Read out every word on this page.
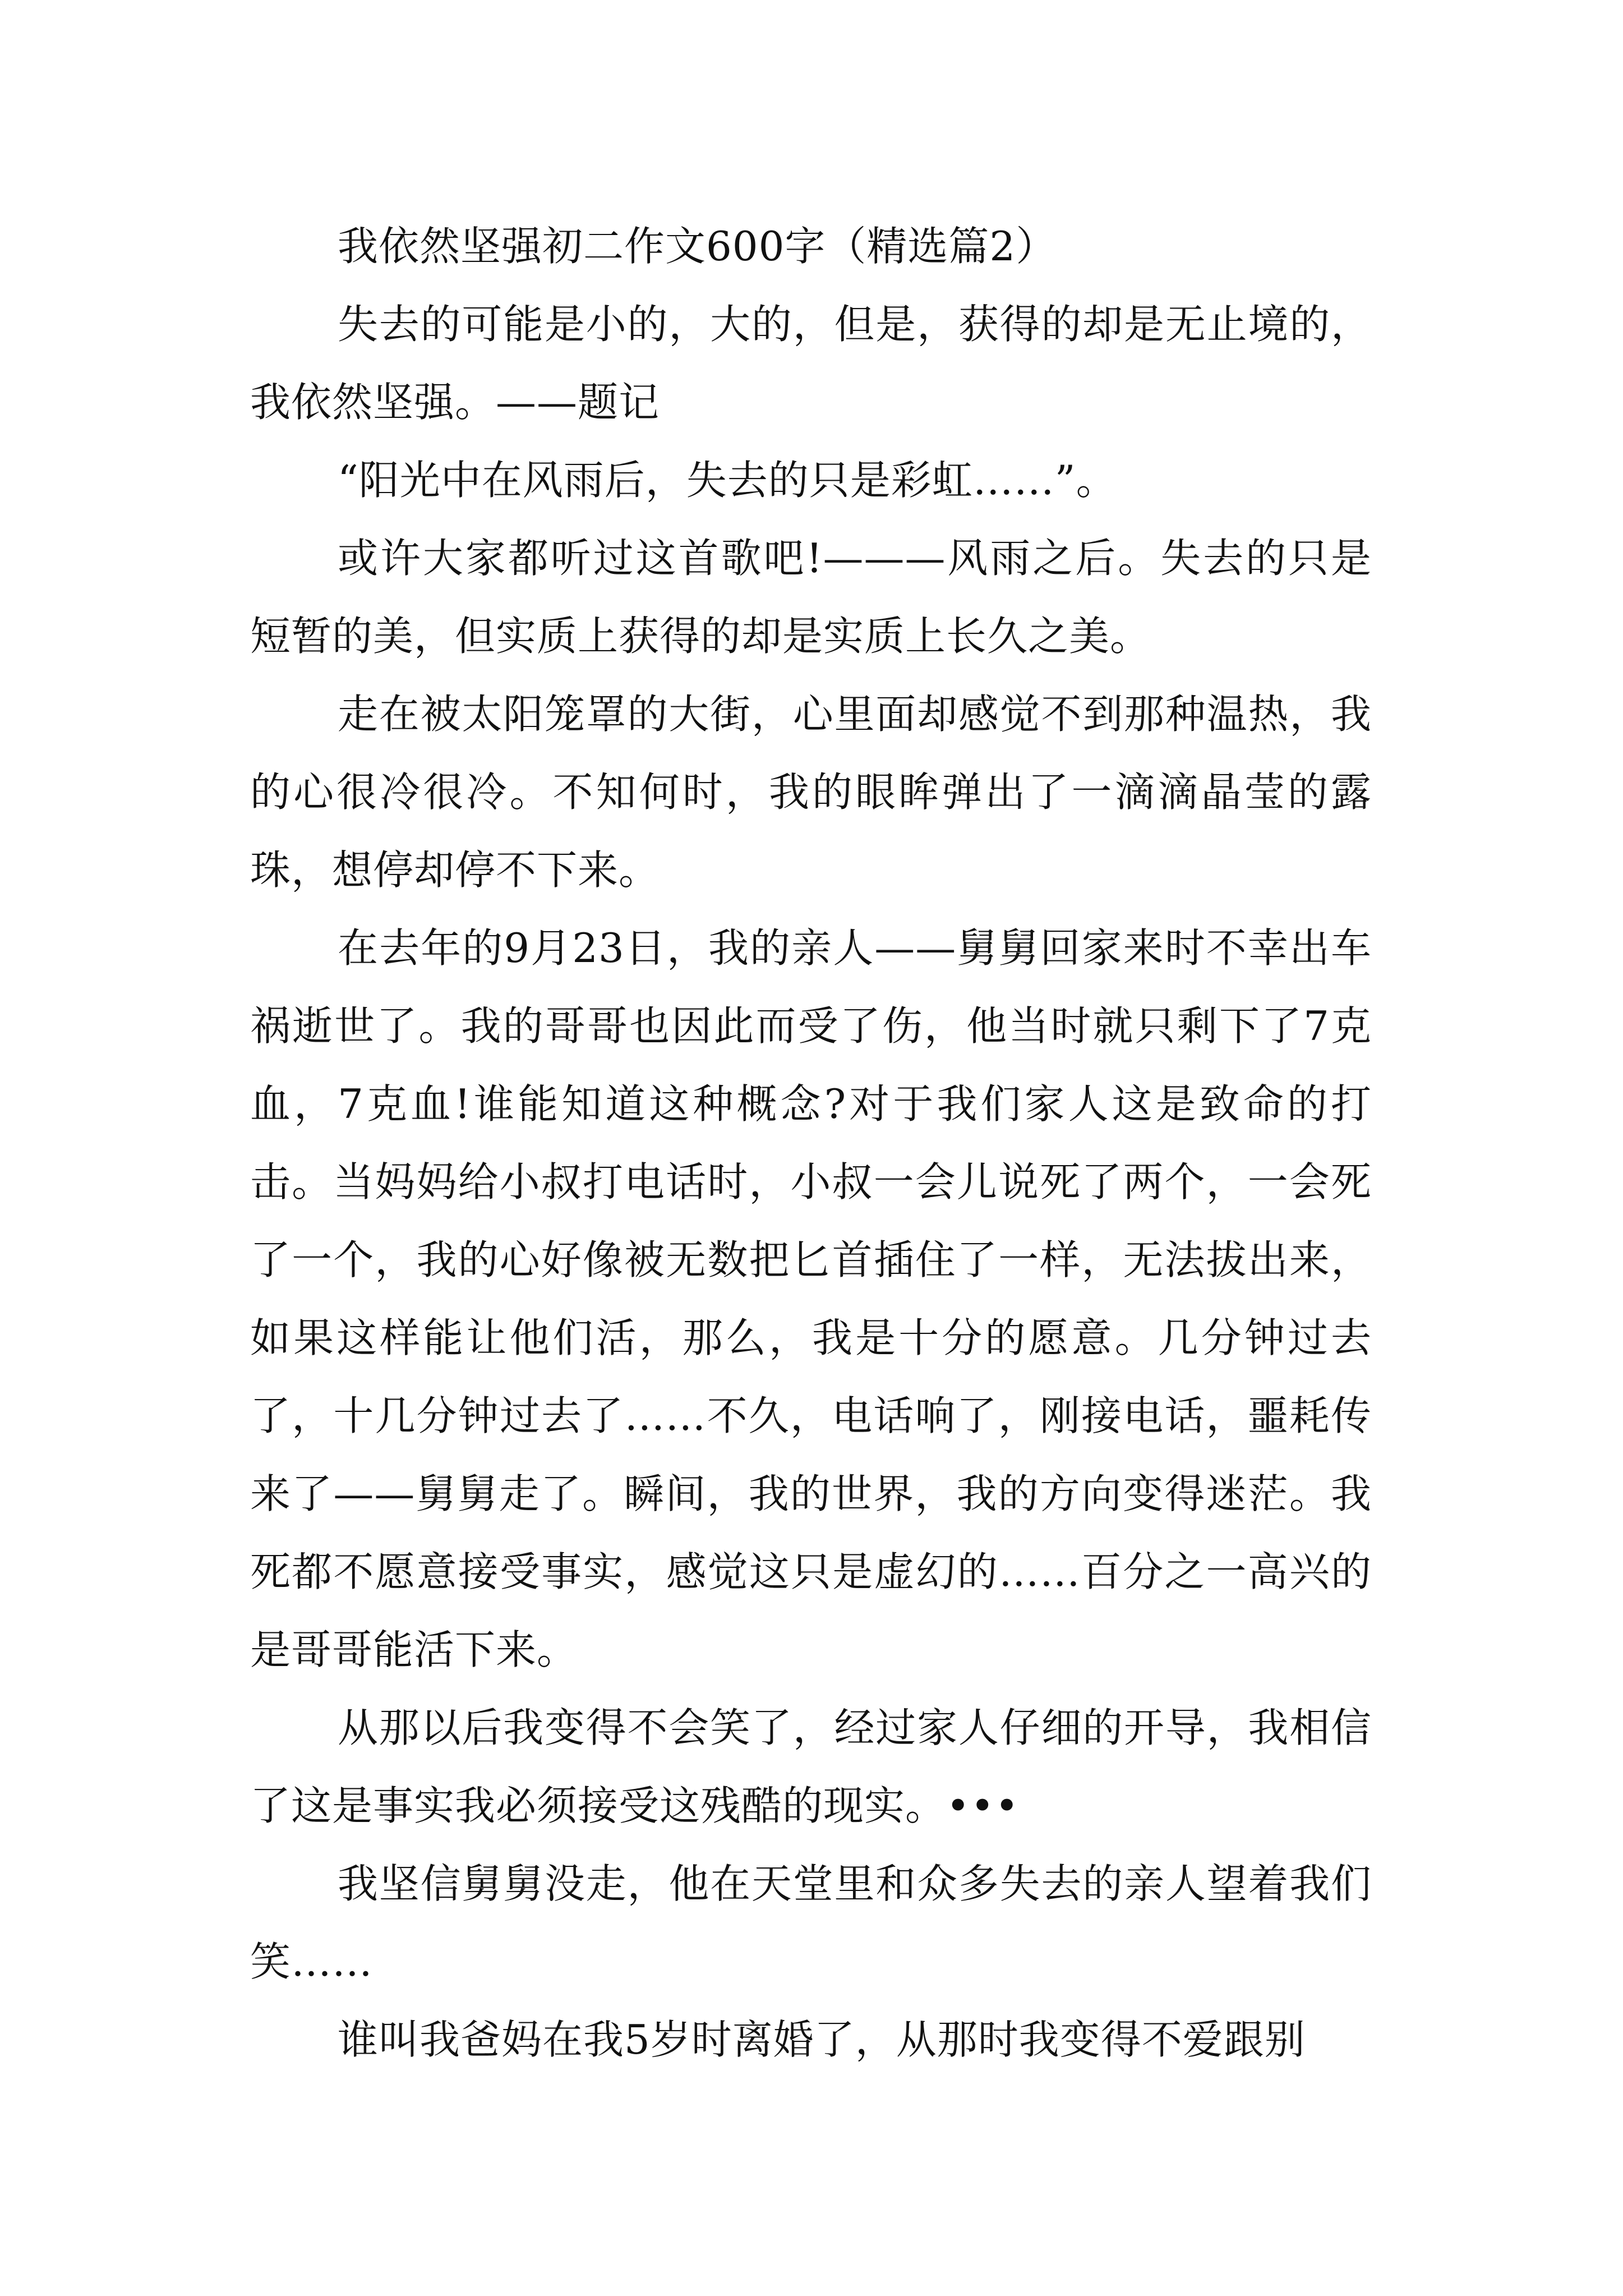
我依然坚强初二作文600字（精选篇2）

失去的可能是小的，大的，但是，获得的却是无止境的，我依然坚强。——题记

“阳光中在风雨后，失去的只是彩虹……”。

或许大家都听过这首歌吧!———风雨之后。失去的只是短暂的美，但实质上获得的却是实质上长久之美。

走在被太阳笼罩的大街，心里面却感觉不到那种温热，我的心很冷很冷。不知何时，我的眼眸弹出了一滴滴晶莹的露珠，想停却停不下来。

在去年的9月23日，我的亲人——舅舅回家来时不幸出车祸逝世了。我的哥哥也因此而受了伤，他当时就只剩下了7克血，7克血!谁能知道这种概念?对于我们家人这是致命的打击。当妈妈给小叔打电话时，小叔一会儿说死了两个，一会死了一个，我的心好像被无数把匕首插住了一样，无法拔出来，如果这样能让他们活，那么，我是十分的愿意。几分钟过去了，十几分钟过去了……不久，电话响了，刚接电话，噩耗传来了——舅舅走了。瞬间，我的世界，我的方向变得迷茫。我死都不愿意接受事实，感觉这只是虚幻的……百分之一高兴的是哥哥能活下来。

从那以后我变得不会笑了，经过家人仔细的开导，我相信了这是事实我必须接受这残酷的现实。•••

我坚信舅舅没走，他在天堂里和众多失去的亲人望着我们笑……

谁叫我爸妈在我5岁时离婚了，从那时我变得不爱跟别
